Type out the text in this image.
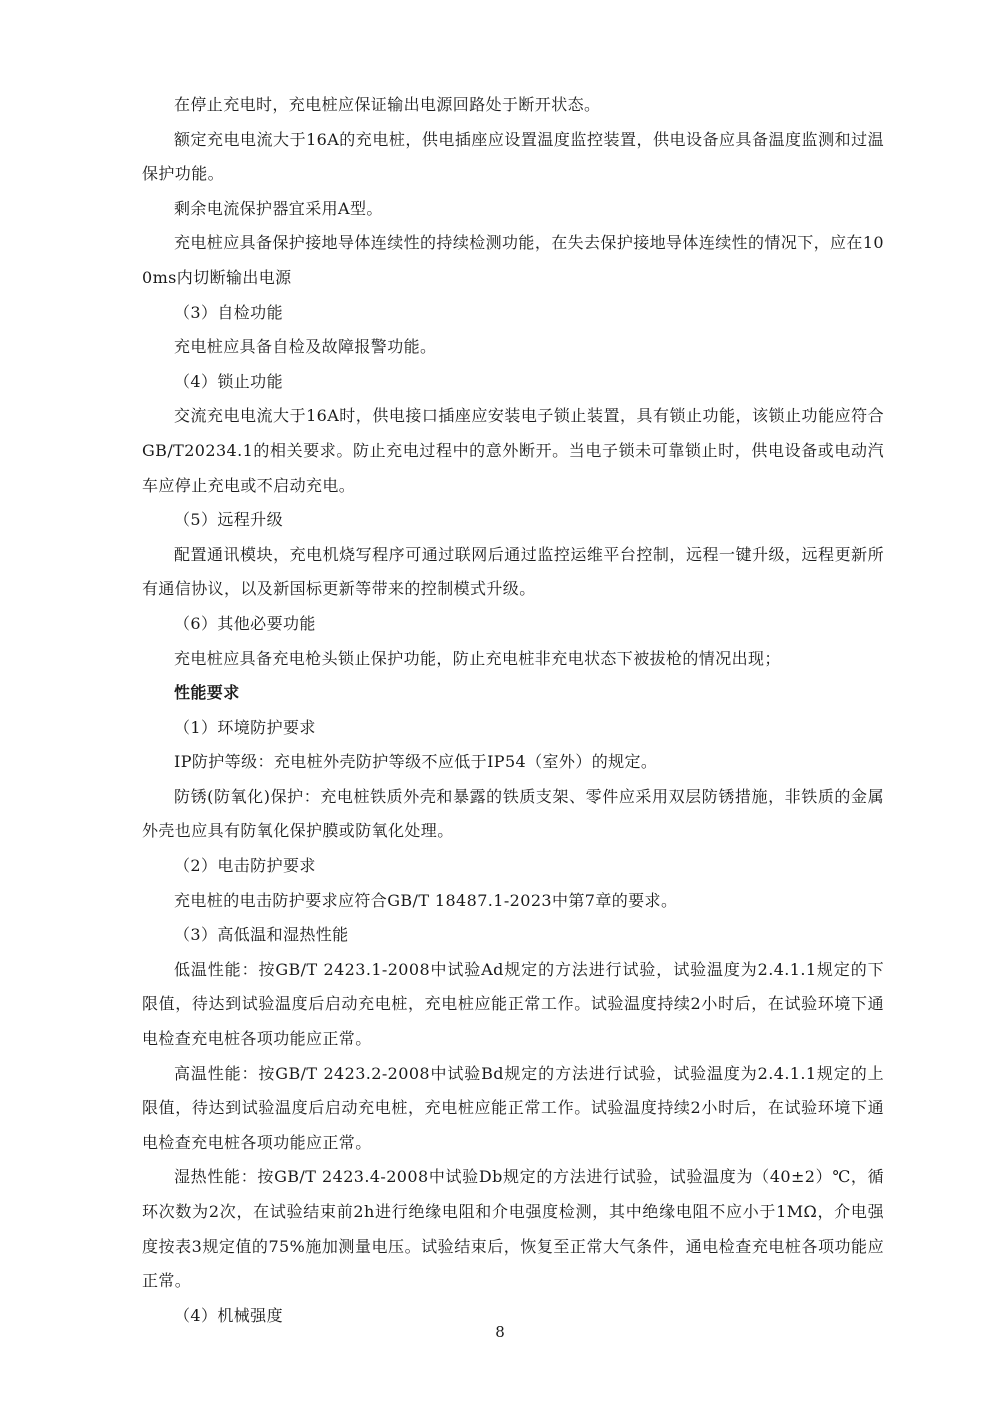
在停止充电时，充电桩应保证输出电源回路处于断开状态。

额定充电电流大于16A的充电桩，供电插座应设置温度监控装置，供电设备应具备温度监测和过温保护功能。

剩余电流保护器宜采用A型。

充电桩应具备保护接地导体连续性的持续检测功能，在失去保护接地导体连续性的情况下，应在100ms内切断输出电源

（3）自检功能

充电桩应具备自检及故障报警功能。

（4）锁止功能

交流充电电流大于16A时，供电接口插座应安装电子锁止装置，具有锁止功能，该锁止功能应符合GB/T20234.1的相关要求。防止充电过程中的意外断开。当电子锁未可靠锁止时，供电设备或电动汽车应停止充电或不启动充电。

（5）远程升级

配置通讯模块，充电机烧写程序可通过联网后通过监控运维平台控制，远程一键升级，远程更新所有通信协议，以及新国标更新等带来的控制模式升级。

（6）其他必要功能

充电桩应具备充电枪头锁止保护功能，防止充电桩非充电状态下被拔枪的情况出现；

性能要求

（1）环境防护要求

IP防护等级：充电桩外壳防护等级不应低于IP54（室外）的规定。

防锈(防氧化)保护：充电桩铁质外壳和暴露的铁质支架、零件应采用双层防锈措施，非铁质的金属外壳也应具有防氧化保护膜或防氧化处理。

（2）电击防护要求

充电桩的电击防护要求应符合GB/T 18487.1-2023中第7章的要求。

（3）高低温和湿热性能

低温性能：按GB/T 2423.1-2008中试验Ad规定的方法进行试验，试验温度为2.4.1.1规定的下限值，待达到试验温度后启动充电桩，充电桩应能正常工作。试验温度持续2小时后，在试验环境下通电检查充电桩各项功能应正常。

高温性能：按GB/T 2423.2-2008中试验Bd规定的方法进行试验，试验温度为2.4.1.1规定的上限值，待达到试验温度后启动充电桩，充电桩应能正常工作。试验温度持续2小时后，在试验环境下通电检查充电桩各项功能应正常。

湿热性能：按GB/T 2423.4-2008中试验Db规定的方法进行试验，试验温度为（40±2）℃，循环次数为2次，在试验结束前2h进行绝缘电阻和介电强度检测，其中绝缘电阻不应小于1MΩ，介电强度按表3规定值的75%施加测量电压。试验结束后，恢复至正常大气条件，通电检查充电桩各项功能应正常。

（4）机械强度

8
